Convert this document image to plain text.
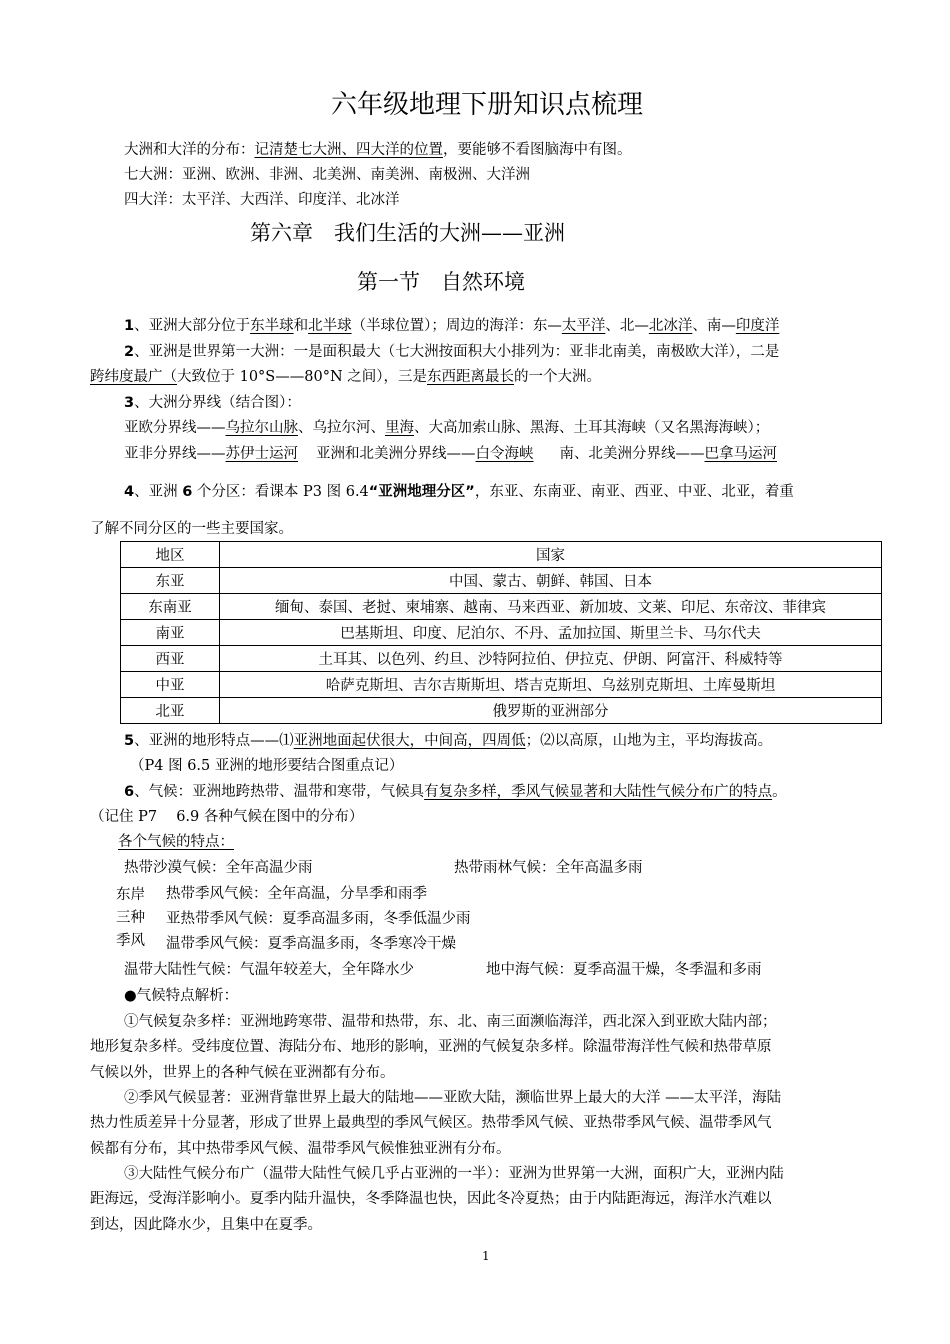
六年级地理下册知识点梳理
大洲和大洋的分布：记清楚七大洲、四大洋的位置，要能够不看图脑海中有图。
七大洲：亚洲、欧洲、非洲、北美洲、南美洲、南极洲、大洋洲
四大洋：太平洋、大西洋、印度洋、北冰洋
第六章　我们生活的大洲——亚洲
第一节　自然环境
1、亚洲大部分位于东半球和北半球（半球位置）；周边的海洋：东—太平洋、北—北冰洋、南—印度洋
2、亚洲是世界第一大洲：一是面积最大（七大洲按面积大小排列为：亚非北南美，南极欧大洋），二是
跨纬度最广（大致位于 10°S——80°N 之间），三是东西距离最长的一个大洲。
3、大洲分界线（结合图）：
亚欧分界线——乌拉尔山脉、乌拉尔河、里海、大高加索山脉、黑海、土耳其海峡（又名黑海海峡）；
亚非分界线——苏伊士运河 亚洲和北美洲分界线——白令海峡 南、北美洲分界线——巴拿马运河
4、亚洲 6 个分区：看课本 P3 图 6.4“亚洲地理分区”，东亚、东南亚、南亚、西亚、中亚、北亚，着重
了解不同分区的一些主要国家。
地区	国家
东亚	中国、蒙古、朝鲜、韩国、日本
东南亚	缅甸、泰国、老挝、柬埔寨、越南、马来西亚、新加坡、文莱、印尼、东帝汶、菲律宾
南亚	巴基斯坦、印度、尼泊尔、不丹、孟加拉国、斯里兰卡、马尔代夫
西亚	土耳其、以色列、约旦、沙特阿拉伯、伊拉克、伊朗、阿富汗、科威特等
中亚	哈萨克斯坦、吉尔吉斯斯坦、塔吉克斯坦、乌兹别克斯坦、土库曼斯坦
北亚	俄罗斯的亚洲部分
5、亚洲的地形特点——⑴亚洲地面起伏很大，中间高，四周低；⑵以高原，山地为主，平均海拔高。
（P4 图 6.5 亚洲的地形要结合图重点记）
6、气候：亚洲地跨热带、温带和寒带，气候具有复杂多样，季风气候显著和大陆性气候分布广的特点。
（记住 P7　 6.9 各种气候在图中的分布）
各个气候的特点：
热带沙漠气候：全年高温少雨	热带雨林气候：全年高温多雨
东岸
三种
季风
热带季风气候：全年高温，分旱季和雨季
亚热带季风气候：夏季高温多雨，冬季低温少雨
温带季风气候：夏季高温多雨，冬季寒冷干燥
温带大陆性气候：气温年较差大，全年降水少	地中海气候：夏季高温干燥，冬季温和多雨
●气候特点解析：
①气候复杂多样：亚洲地跨寒带、温带和热带，东、北、南三面濒临海洋，西北深入到亚欧大陆内部；
地形复杂多样。受纬度位置、海陆分布、地形的影响，亚洲的气候复杂多样。除温带海洋性气候和热带草原
气候以外，世界上的各种气候在亚洲都有分布。
②季风气候显著：亚洲背靠世界上最大的陆地——亚欧大陆，濒临世界上最大的大洋 ——太平洋，海陆
热力性质差异十分显著，形成了世界上最典型的季风气候区。热带季风气候、亚热带季风气候、温带季风气
候都有分布，其中热带季风气候、温带季风气候惟独亚洲有分布。
③大陆性气候分布广（温带大陆性气候几乎占亚洲的一半）：亚洲为世界第一大洲，面积广大，亚洲内陆
距海远，受海洋影响小。夏季内陆升温快，冬季降温也快，因此冬冷夏热；由于内陆距海远，海洋水汽难以
到达，因此降水少，且集中在夏季。
1
